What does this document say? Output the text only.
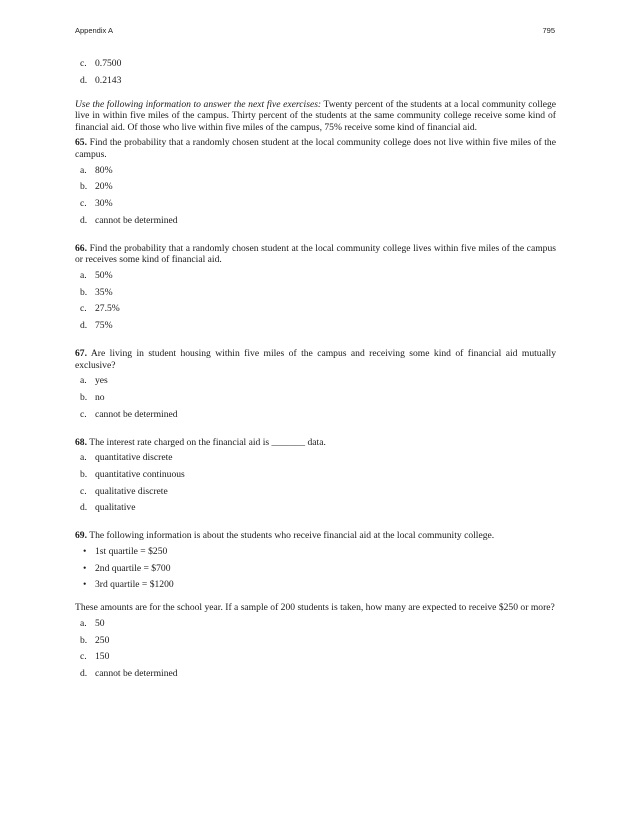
Appendix A	795
c. 0.7500
d. 0.2143

Use the following information to answer the next five exercises: Twenty percent of the students at a local community college live in within five miles of the campus. Thirty percent of the students at the same community college receive some kind of financial aid. Of those who live within five miles of the campus, 75% receive some kind of financial aid.

65. Find the probability that a randomly chosen student at the local community college does not live within five miles of the campus.

a. 80%
b. 20%
c. 30%
d. cannot be determined

66. Find the probability that a randomly chosen student at the local community college lives within five miles of the campus or receives some kind of financial aid.

a. 50%
b. 35%
c. 27.5%
d. 75%

67. Are living in student housing within five miles of the campus and receiving some kind of financial aid mutually exclusive?

a. yes
b. no
c. cannot be determined

68. The interest rate charged on the financial aid is _______ data.

a. quantitative discrete
b. quantitative continuous
c. qualitative discrete
d. qualitative

69. The following information is about the students who receive financial aid at the local community college.

• 1st quartile = $250
• 2nd quartile = $700
• 3rd quartile = $1200

These amounts are for the school year. If a sample of 200 students is taken, how many are expected to receive $250 or more?

a. 50
b. 250
c. 150
d. cannot be determined
